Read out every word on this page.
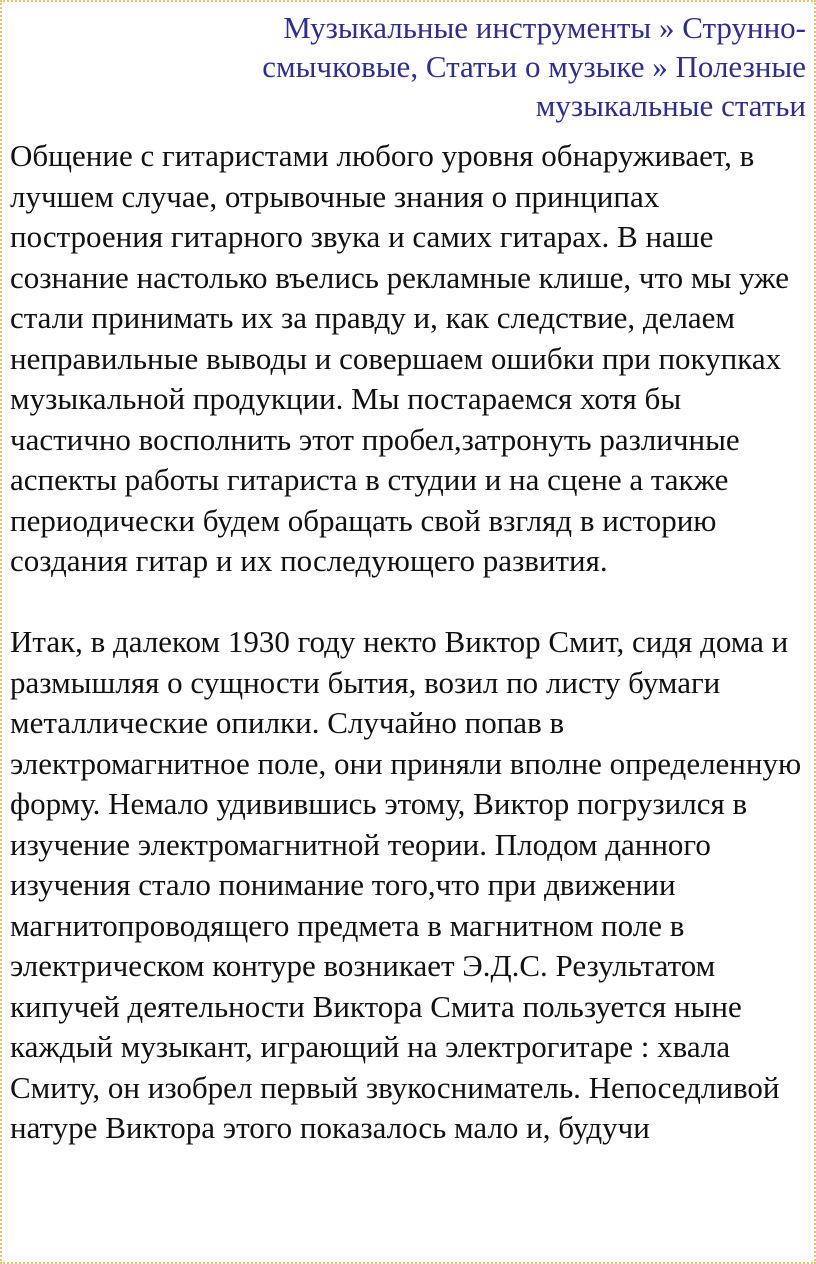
Музыкальные инструменты » Струнно-смычковые, Статьи о музыке » Полезные музыкальные статьи

Общение с гитаристами любого уровня обнаруживает, в лучшем случае, отрывочные знания о принципах построения гитарного звука и самих гитарах. В наше сознание настолько въелись рекламные клише, что мы уже стали принимать их за правду и, как следствие, делаем неправильные выводы и совершаем ошибки при покупках музыкальной продукции. Мы постараемся хотя бы частично восполнить этот пробел,затронуть различные аспекты работы гитариста в студии и на сцене а также периодически будем обращать свой взгляд в историю создания гитар и их последующего развития.

Итак, в далеком 1930 году некто Виктор Смит, сидя дома и размышляя о сущности бытия, возил по листу бумаги металлические опилки. Случайно попав в электромагнитное поле, они приняли вполне определенную форму. Немало удивившись этому, Виктор погрузился в изучение электромагнитной теории. Плодом данного изучения стало понимание того,что при движении магнитопроводящего предмета в магнитном поле в электрическом контуре возникает Э.Д.С. Результатом кипучей деятельности Виктора Смита пользуется ныне каждый музыкант, играющий на электрогитаре : хвала Смиту, он изобрел первый звукосниматель. Непоседливой натуре Виктора этого показалось мало и, будучи
